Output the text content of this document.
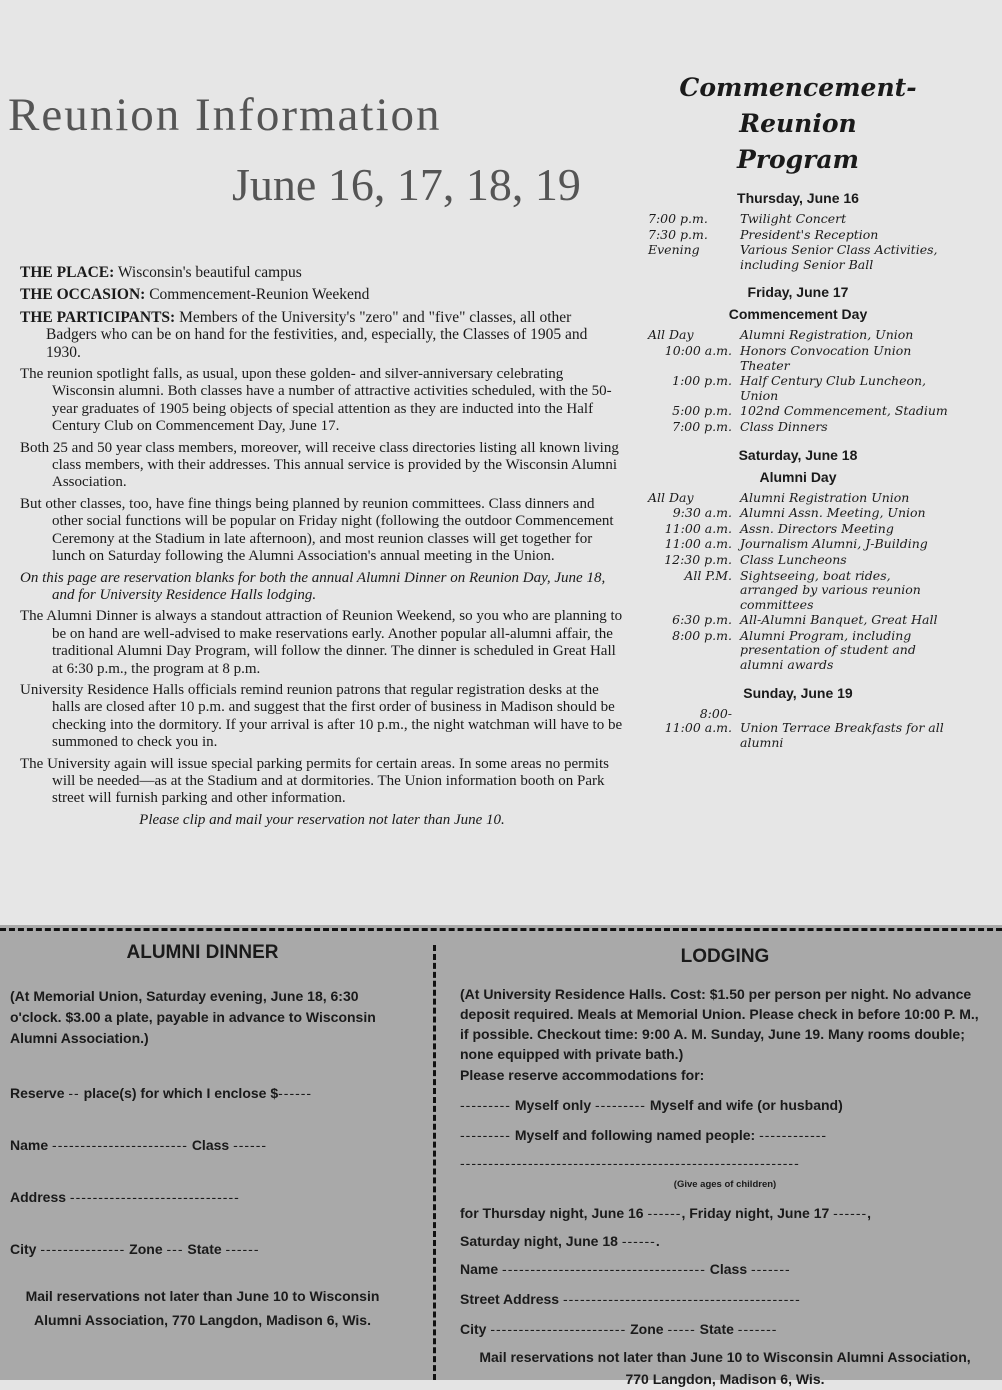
Reunion Information
June 16, 17, 18, 19

THE PLACE: Wisconsin's beautiful campus

THE OCCASION: Commencement-Reunion Weekend

THE PARTICIPANTS: Members of the University's "zero" and "five" classes, all other Badgers who can be on hand for the festivities, and, especially, the Classes of 1905 and 1930.

The reunion spotlight falls, as usual, upon these golden- and silver-anniversary celebrating Wisconsin alumni. Both classes have a number of attractive activities scheduled, with the 50-year graduates of 1905 being objects of special attention as they are inducted into the Half Century Club on Commencement Day, June 17.

Both 25 and 50 year class members, moreover, will receive class directories listing all known living class members, with their addresses. This annual service is provided by the Wisconsin Alumni Association.

But other classes, too, have fine things being planned by reunion committees. Class dinners and other social functions will be popular on Friday night (following the outdoor Commencement Ceremony at the Stadium in late afternoon), and most reunion classes will get together for lunch on Saturday following the Alumni Association's annual meeting in the Union.

On this page are reservation blanks for both the annual Alumni Dinner on Reunion Day, June 18, and for University Residence Halls lodging.

The Alumni Dinner is always a standout attraction of Reunion Weekend, so you who are planning to be on hand are well-advised to make reservations early. Another popular all-alumni affair, the traditional Alumni Day Program, will follow the dinner. The dinner is scheduled in Great Hall at 6:30 p.m., the program at 8 p.m.

University Residence Halls officials remind reunion patrons that regular registration desks at the halls are closed after 10 p.m. and suggest that the first order of business in Madison should be checking into the dormitory. If your arrival is after 10 p.m., the night watchman will have to be summoned to check you in.

The University again will issue special parking permits for certain areas. In some areas no permits will be needed—as at the Stadium and at dormitories. The Union information booth on Park street will furnish parking and other information.

Please clip and mail your reservation not later than June 10.

Commencement-Reunion
Program
Thursday, June 16
7:00 p.m.	Twilight Concert
7:30 p.m.	President's Reception
Evening	Various Senior Class Activities, including Senior Ball
Friday, June 17
Commencement Day
All Day	Alumni Registration, Union
10:00 a.m. Honors Convocation Union Theater
1:00 p.m. Half Century Club Luncheon, Union
5:00 p.m. 102nd Commencement, Stadium
7:00 p.m. Class Dinners
Saturday, June 18
Alumni Day
All Day	Alumni Registration Union
9:30 a.m. Alumni Assn. Meeting, Union
11:00 a.m. Assn. Directors Meeting
11:00 a.m. Journalism Alumni, J-Building
12:30 p.m. Class Luncheons
All P.M. Sightseeing, boat rides, arranged by various reunion committees
6:30 p.m. All-Alumni Banquet, Great Hall
8:00 p.m. Alumni Program, including presentation of student and alumni awards
Sunday, June 19
8:00-
11:00 a.m. Union Terrace Breakfasts for all alumni
ALUMNI DINNER

(At Memorial Union, Saturday evening, June 18, 6:30 o'clock. $3.00 a plate, payable in advance to Wisconsin Alumni Association.)

Reserve -- place(s) for which I enclose $------

Name ------------------------ Class ------

Address ------------------------------

City --------------- Zone --- State ------

Mail reservations not later than June 10 to Wisconsin Alumni Association, 770 Langdon, Madison 6, Wis.

LODGING

(At University Residence Halls. Cost: $1.50 per person per night. No advance deposit required. Meals at Memorial Union. Please check in before 10:00 P. M., if possible. Checkout time: 9:00 A. M. Sunday, June 19. Many rooms double; none equipped with private bath.)

Please reserve accommodations for:

--------- Myself only --------- Myself and wife (or husband)

--------- Myself and following named people: ------------

------------------------------------------------------------

(Give ages of children)

for Thursday night, June 16 ------, Friday night, June 17 ------,

Saturday night, June 18 ------.

Name ------------------------------------ Class -------

Street Address ------------------------------------------

City ------------------------ Zone ----- State -------

Mail reservations not later than June 10 to Wisconsin Alumni Association, 770 Langdon, Madison 6, Wis.
